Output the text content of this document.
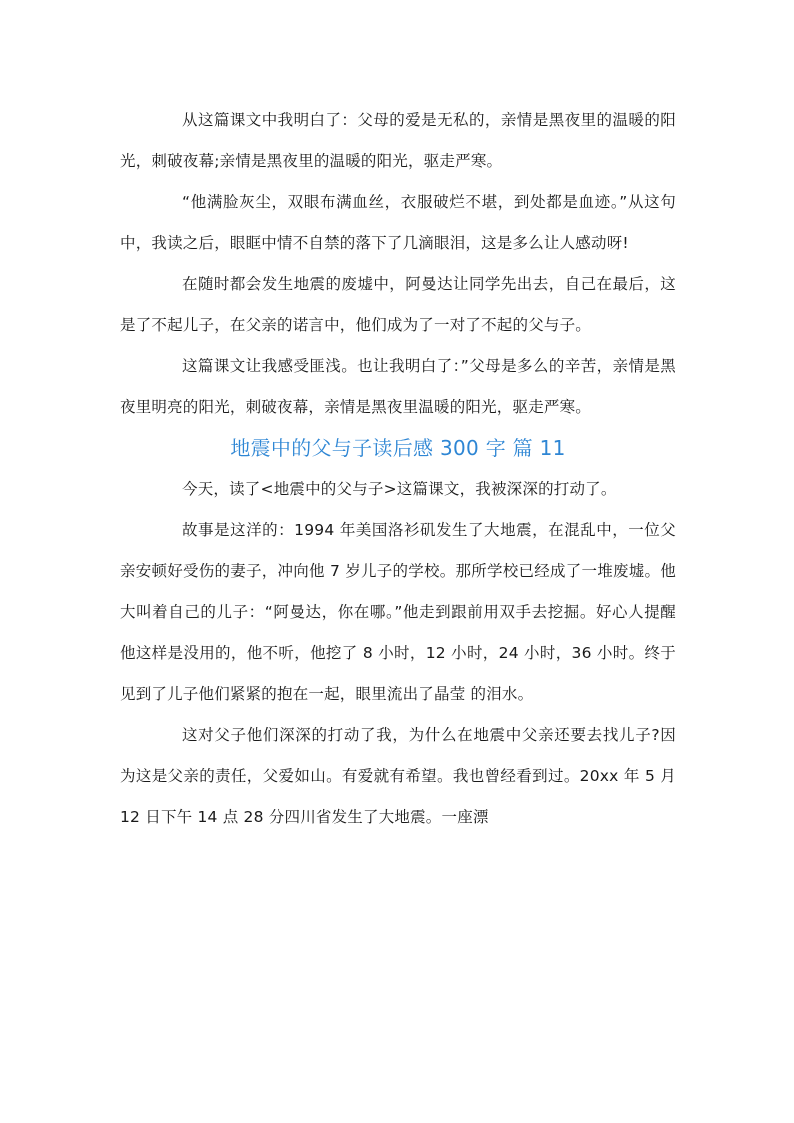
从这篇课文中我明白了：父母的爱是无私的，亲情是黑夜里的温暖的阳光，刺破夜幕;亲情是黑夜里的温暖的阳光，驱走严寒。

“他满脸灰尘，双眼布满血丝，衣服破烂不堪，到处都是血迹。”从这句中，我读之后，眼眶中情不自禁的落下了几滴眼泪，这是多么让人感动呀!

在随时都会发生地震的废墟中，阿曼达让同学先出去，自己在最后，这是了不起儿子，在父亲的诺言中，他们成为了一对了不起的父与子。

这篇课文让我感受匪浅。也让我明白了：”父母是多么的辛苦，亲情是黑夜里明亮的阳光，刺破夜幕，亲情是黑夜里温暖的阳光，驱走严寒。

地震中的父与子读后感 300 字 篇 11

今天，读了<地震中的父与子>这篇课文，我被深深的打动了。

故事是这洋的：1994 年美国洛衫矶发生了大地震，在混乱中，一位父亲安顿好受伤的妻子，冲向他 7 岁儿子的学校。那所学校已经成了一堆废墟。他大叫着自己的儿子：“阿曼达，你在哪。”他走到跟前用双手去挖掘。好心人提醒他这样是没用的，他不听，他挖了 8 小时，12 小时，24 小时，36 小时。终于见到了儿子他们紧紧的抱在一起，眼里流出了晶莹 的泪水。

这对父子他们深深的打动了我，为什么在地震中父亲还要去找儿子?因为这是父亲的责任，父爱如山。有爱就有希望。我也曾经看到过。20xx 年 5 月 12 日下午 14 点 28 分四川省发生了大地震。一座漂
